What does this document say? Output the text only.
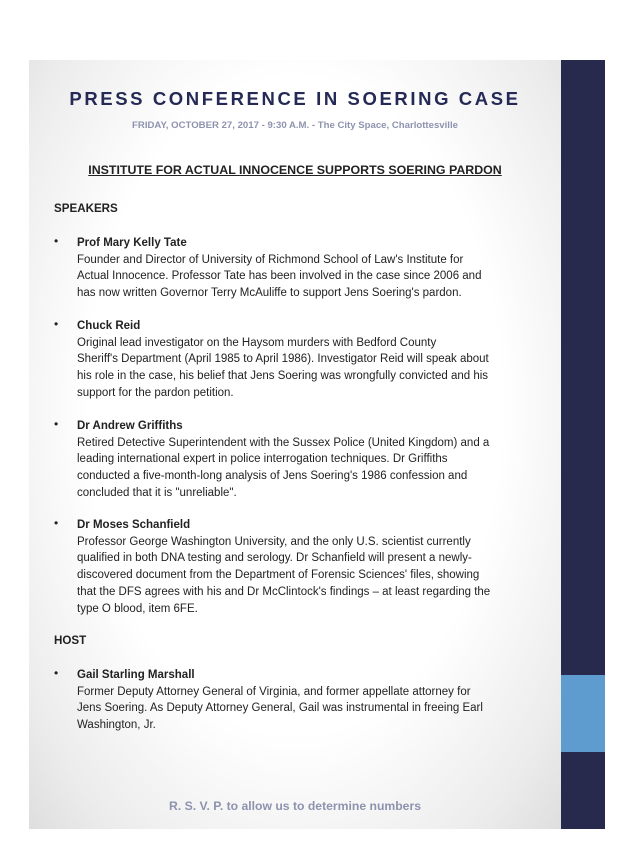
PRESS CONFERENCE IN SOERING CASE
FRIDAY, OCTOBER 27, 2017 - 9:30 A.M. - The City Space, Charlottesville
INSTITUTE FOR ACTUAL INNOCENCE SUPPORTS SOERING PARDON
SPEAKERS
• Prof Mary Kelly Tate
Founder and Director of University of Richmond School of Law's Institute for
Actual Innocence. Professor Tate has been involved in the case since 2006 and
has now written Governor Terry McAuliffe to support Jens Soering's pardon.
• Chuck Reid
Original lead investigator on the Haysom murders with Bedford County
Sheriff's Department (April 1985 to April 1986). Investigator Reid will speak about
his role in the case, his belief that Jens Soering was wrongfully convicted and his
support for the pardon petition.
• Dr Andrew Griffiths
Retired Detective Superintendent with the Sussex Police (United Kingdom) and a
leading international expert in police interrogation techniques. Dr Griffiths
conducted a five-month-long analysis of Jens Soering's 1986 confession and
concluded that it is "unreliable".
• Dr Moses Schanfield
Professor George Washington University, and the only U.S. scientist currently
qualified in both DNA testing and serology. Dr Schanfield will present a newly-
discovered document from the Department of Forensic Sciences' files, showing
that the DFS agrees with his and Dr McClintock's findings – at least regarding the
type O blood, item 6FE.
HOST
• Gail Starling Marshall
Former Deputy Attorney General of Virginia, and former appellate attorney for
Jens Soering. As Deputy Attorney General, Gail was instrumental in freeing Earl
Washington, Jr.
R. S. V. P. to allow us to determine numbers
